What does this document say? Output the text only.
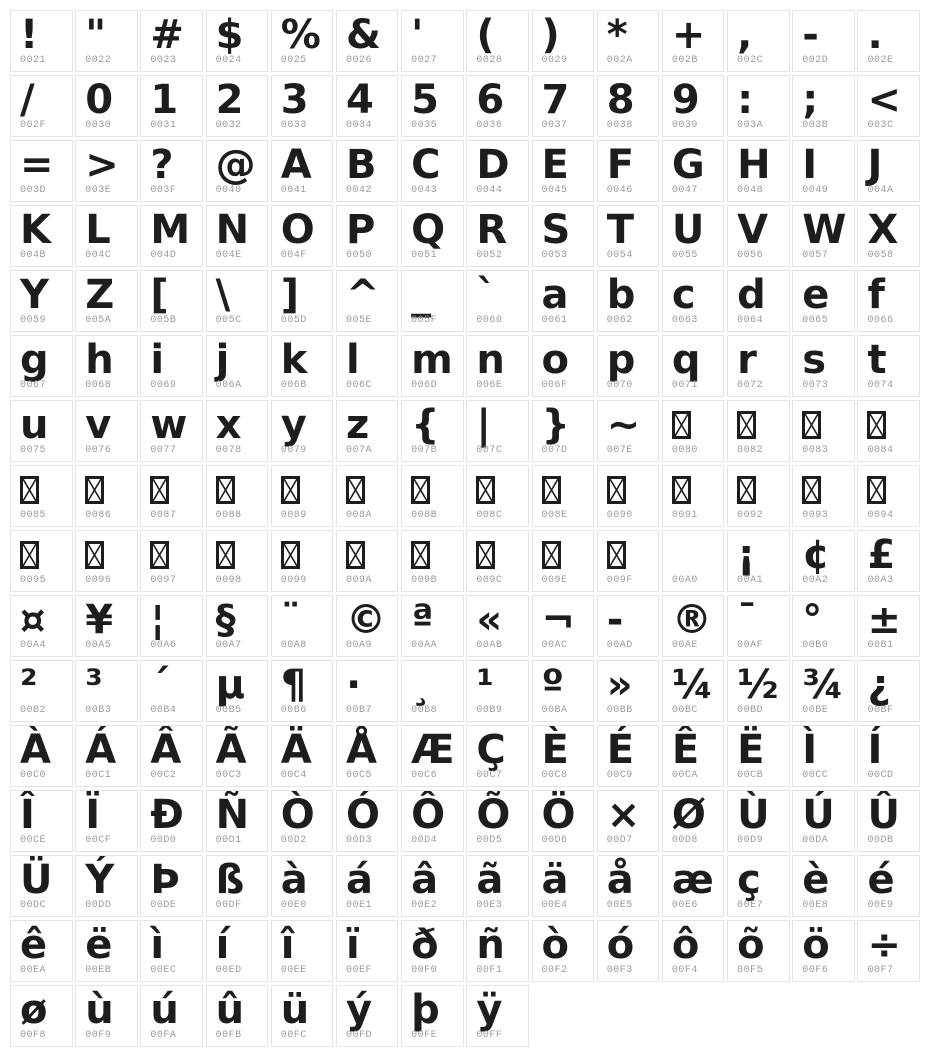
!
0021
"
0022
#
0023
$
0024
%
0025
&
0026
'
0027
(
0028
)
0029
*
002A
+
002B
,
002C
-
002D
.
002E
/
002F
0
0030
1
0031
2
0032
3
0033
4
0034
5
0035
6
0036
7
0037
8
0038
9
0039
:
003A
;
003B
<
003C
=
003D
>
003E
?
003F
@
0040
A
0041
B
0042
C
0043
D
0044
E
0045
F
0046
G
0047
H
0048
I
0049
J
004A
K
004B
L
004C
M
004D
N
004E
O
004F
P
0050
Q
0051
R
0052
S
0053
T
0054
U
0055
V
0056
W
0057
X
0058
Y
0059
Z
005A
[
005B
\
005C
]
005D
^
005E
_
005F
`
0060
a
0061
b
0062
c
0063
d
0064
e
0065
f
0066
g
0067
h
0068
i
0069
j
006A
k
006B
l
006C
m
006D
n
006E
o
006F
p
0070
q
0071
r
0072
s
0073
t
0074
u
0075
v
0076
w
0077
x
0078
y
0079
z
007A
{
007B
|
007C
}
007D
~
007E	0080	0082	0083	0084
0085	0086	0087	0088	0089	008A	008B	008C	008E	0090	0091	0092	0093	0094
0095	0096	0097	0098	0099	009A	009B	009C	009E	009F	00A0
¡
00A1
¢
00A2
£
00A3
¤
00A4
¥
00A5
¦
00A6
§
00A7
¨
00A8
©
00A9
ª
00AA
«
00AB
¬
00AC
-
00AD
®
00AE
¯
00AF
°
00B0
±
00B1
²
00B2
³
00B3
´
00B4
µ
00B5
¶
00B6
·
00B7
¸
00B8
¹
00B9
º
00BA
»
00BB
¼
00BC
½
00BD
¾
00BE
¿
00BF
À
00C0
Á
00C1
Â
00C2
Ã
00C3
Ä
00C4
Å
00C5
Æ
00C6
Ç
00C7
È
00C8
É
00C9
Ê
00CA
Ë
00CB
Ì
00CC
Í
00CD
Î
00CE
Ï
00CF
Ð
00D0
Ñ
00D1
Ò
00D2
Ó
00D3
Ô
00D4
Õ
00D5
Ö
00D6
×
00D7
Ø
00D8
Ù
00D9
Ú
00DA
Û
00DB
Ü
00DC
Ý
00DD
Þ
00DE
ß
00DF
à
00E0
á
00E1
â
00E2
ã
00E3
ä
00E4
å
00E5
æ
00E6
ç
00E7
è
00E8
é
00E9
ê
00EA
ë
00EB
ì
00EC
í
00ED
î
00EE
ï
00EF
ð
00F0
ñ
00F1
ò
00F2
ó
00F3
ô
00F4
õ
00F5
ö
00F6
÷
00F7
ø
00F8
ù
00F9
ú
00FA
û
00FB
ü
00FC
ý
00FD
þ
00FE
ÿ
00FF
